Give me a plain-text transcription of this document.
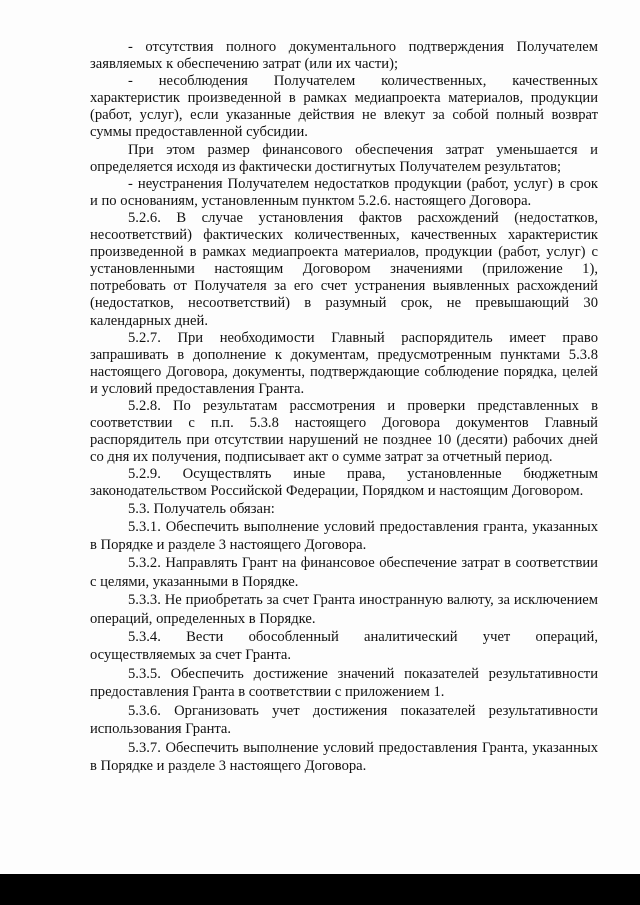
- отсутствия полного документального подтверждения Получателем заявляемых к обеспечению затрат (или их части);

- несоблюдения Получателем количественных, качественных характеристик произведенной в рамках медиапроекта материалов, продукции (работ, услуг), если указанные действия не влекут за собой полный возврат суммы предоставленной субсидии.

При этом размер финансового обеспечения затрат уменьшается и определяется исходя из фактически достигнутых Получателем результатов;

- неустранения Получателем недостатков продукции (работ, услуг) в срок и по основаниям, установленным пунктом 5.2.6. настоящего Договора.

5.2.6. В случае установления фактов расхождений (недостатков, несоответствий) фактических количественных, качественных характеристик произведенной в рамках медиапроекта материалов, продукции (работ, услуг) с установленными настоящим Договором значениями (приложение 1), потребовать от Получателя за его счет устранения выявленных расхождений (недостатков, несоответствий) в разумный срок, не превышающий 30 календарных дней.

5.2.7. При необходимости Главный распорядитель имеет право запрашивать в дополнение к документам, предусмотренным пунктами 5.3.8 настоящего Договора, документы, подтверждающие соблюдение порядка, целей и условий предоставления Гранта.

5.2.8. По результатам рассмотрения и проверки представленных в соответствии с п.п. 5.3.8 настоящего Договора документов Главный распорядитель при отсутствии нарушений не позднее 10 (десяти) рабочих дней со дня их получения, подписывает акт о сумме затрат за отчетный период.

5.2.9. Осуществлять иные права, установленные бюджетным законодательством Российской Федерации, Порядком и настоящим Договором.

5.3. Получатель обязан:

5.3.1. Обеспечить выполнение условий предоставления гранта, указанных в Порядке и разделе 3 настоящего Договора.

5.3.2. Направлять Грант на финансовое обеспечение затрат в соответствии с целями, указанными в Порядке.

5.3.3. Не приобретать за счет Гранта иностранную валюту, за исключением операций, определенных в Порядке.

5.3.4. Вести обособленный аналитический учет операций, осуществляемых за счет Гранта.

5.3.5. Обеспечить достижение значений показателей результативности предоставления Гранта в соответствии с приложением 1.

5.3.6. Организовать учет достижения показателей результативности использования Гранта.

5.3.7. Обеспечить выполнение условий предоставления Гранта, указанных в Порядке и разделе 3 настоящего Договора.
